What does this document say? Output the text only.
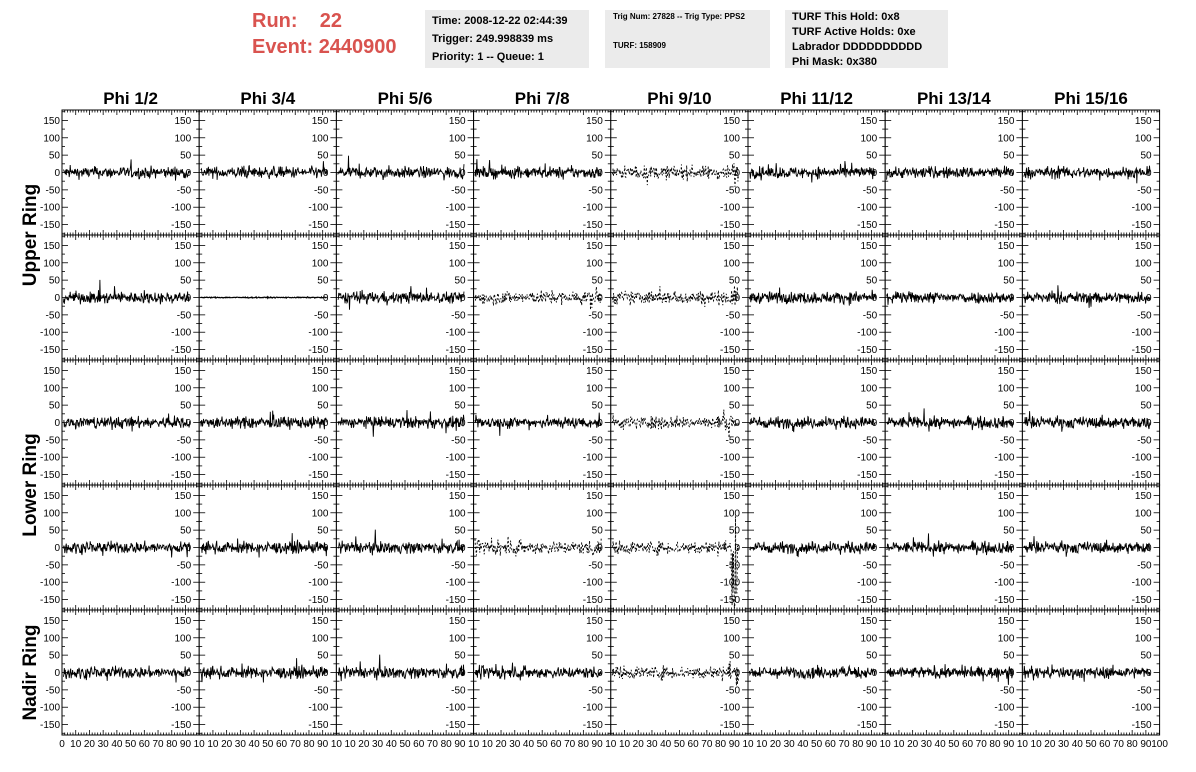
Run: 22
Event: 2440900
Time: 2008-12-22 02:44:39
Trigger: 249.998839 ms
Priority: 1 -- Queue: 1
Trig Num: 27828 -- Trig Type: PPS2
TURF: 158909
TURF This Hold: 0x8
TURF Active Holds: 0xe
Labrador DDDDDDDDDD
Phi Mask: 0x380
Phi 1/2	Phi 3/4	Phi 5/6	Phi 7/8	Phi 9/10	Phi 11/12	Phi 13/14	Phi 15/16
Upper Ring
Lower Ring
Nadir Ring
150
100
50
0
-50
-100
-150
150
100
50
0
-50
-100
-150
150
100
50
0
-50
-100
-150
150
100
50
0
-50
-100
-150
150
100
50
0
-50
-100
-150
150
100
50
0
-50
-100
-150
150
100
50
0
-50
-100
-150
150
100
50
0
-50
-100
-150
150
100
50
0
-50
-100
-150
150
100
50
0
-50
-100
-150
150
100
50
0
-50
-100
-150
150
100
50
0
-50
-100
-150
150
100
50
0
-50
-100
-150
150
100
50
0
-50
-100
-150
150
100
50
0
-50
-100
-150
150
100
50
0
-50
-100
-150
150
100
50
0
-50
-100
-150
150
100
50
0
-50
-100
-150
150
100
50
0
-50
-100
-150
150
100
50
0
-50
-100
-150
150
100
50
0
-50
-100
-150
150
100
50
0
-50
-100
-150
150
100
50
0
-50
-100
-150
150
100
50
0
-50
-100
-150
150
100
50
0
-50
-100
-150
150
100
50
0
-50
-100
-150
150
100
50
0
-50
-100
-150
150
100
50
0
-50
-100
-150
150
100
50
0
-50
-100
-150
150
100
50
0
-50
-100
-150
150
100
50
0
-50
-100
-150
150
100
50
0
-50
-100
-150
150
100
50
0
-50
-100
-150
150
100
50
0
-50
-100
-150
150
100
50
0
-50
-100
-150
150
100
50
0
-50
-100
-150
150
100
50
0
-50
-100
-150
150
100
50
0
-50
-100
-150
0 10 20 30 40 50 60 70 80 90 10
150
100
50
0
-50
-100
-150
10 20 30 40 50 60 70 80 90 10
150
100
50
0
-50
-100
-150
10 20 30 40 50 60 70 80 90 10
150
100
50
0
-50
-100
-150
10 20 30 40 50 60 70 80 90 10
150
100
50
0
-50
-100
-150
10 20 30 40 50 60 70 80 90 10
150
100
50
0
-50
-100
-150
10 20 30 40 50 60 70 80 90 10
150
100
50
0
-50
-100
-150
10 20 30 40 50 60 70 80 90 10
150
100
50
0
-50
-100
-150
10 20 30 40 50 60 70 80 90 100
